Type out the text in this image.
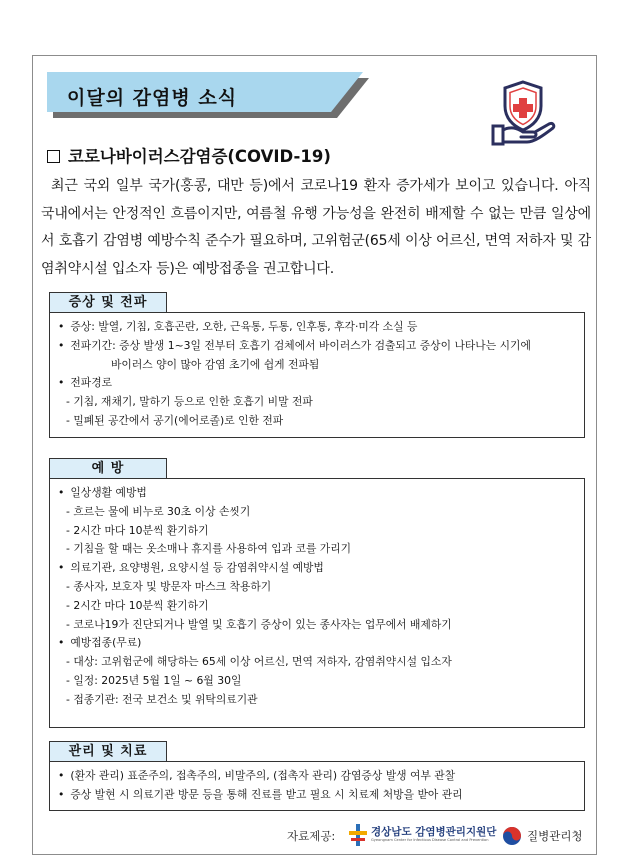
이달의 감염병 소식
코로나바이러스감염증(COVID-19)

최근 국외 일부 국가(홍콩, 대만 등)에서 코로나19 환자 증가세가 보이고 있습니다. 아직 국내에서는 안정적인 흐름이지만, 여름철 유행 가능성을 완전히 배제할 수 없는 만큼 일상에서 호흡기 감염병 예방수칙 준수가 필요하며, 고위험군(65세 이상 어르신, 면역 저하자 및 감염취약시설 입소자 등)은 예방접종을 권고합니다.

증상 및 전파
• 증상: 발열, 기침, 호흡곤란, 오한, 근육통, 두통, 인후통, 후각·미각 소실 등
• 전파기간: 증상 발생 1~3일 전부터 호흡기 검체에서 바이러스가 검출되고 증상이 나타나는 시기에
바이러스 양이 많아 감염 초기에 쉽게 전파됨
• 전파경로
- 기침, 재채기, 말하기 등으로 인한 호흡기 비말 전파
- 밀폐된 공간에서 공기(에어로졸)로 인한 전파
예 방
• 일상생활 예방법
- 흐르는 물에 비누로 30초 이상 손씻기
- 2시간 마다 10분씩 환기하기
- 기침을 할 때는 옷소매나 휴지를 사용하여 입과 코를 가리기
• 의료기관, 요양병원, 요양시설 등 감염취약시설 예방법
- 종사자, 보호자 및 방문자 마스크 착용하기
- 2시간 마다 10분씩 환기하기
- 코로나19가 진단되거나 발열 및 호흡기 증상이 있는 종사자는 업무에서 배제하기
• 예방접종(무료)
- 대상: 고위험군에 해당하는 65세 이상 어르신, 면역 저하자, 감염취약시설 입소자
- 일정: 2025년 5월 1일 ~ 6월 30일
- 접종기관: 전국 보건소 및 위탁의료기관
관리 및 치료
• (환자 관리) 표준주의, 접촉주의, 비말주의, (접촉자 관리) 감염증상 발생 여부 관찰
• 증상 발현 시 의료기관 방문 등을 통해 진료를 받고 필요 시 치료제 처방을 받아 관리
자료제공:	경상남도 감염병관리지원단
Gyeongnam Center for Infectious Disease Control and Prevention	질병관리청
